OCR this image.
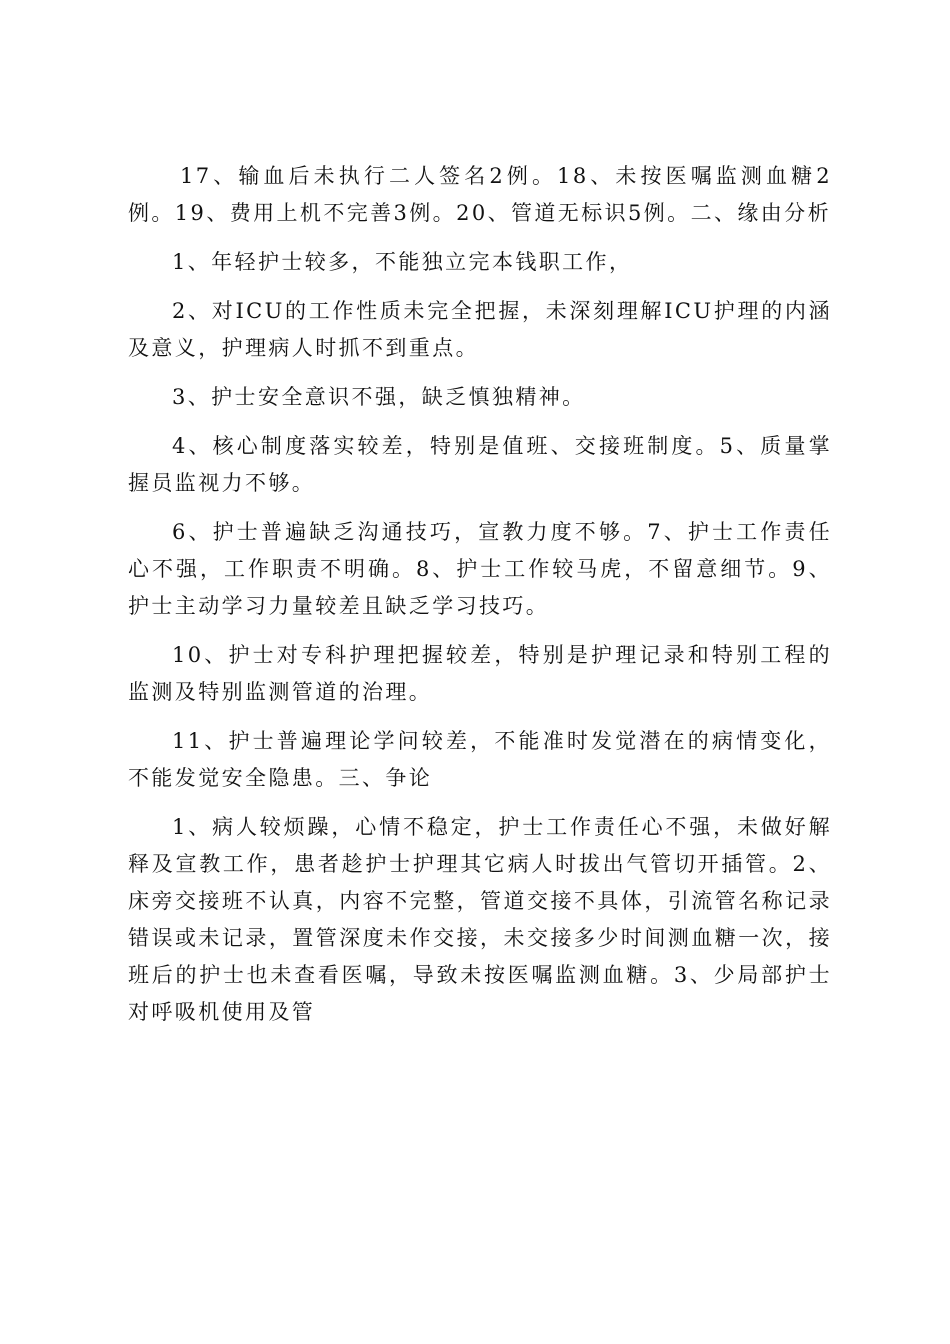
17、输血后未执行二人签名2例。18、未按医嘱监测血糖2例。19、费用上机不完善3例。20、管道无标识5例。二、缘由分析

1、年轻护士较多，不能独立完本钱职工作，

2、对ICU的工作性质未完全把握，未深刻理解ICU护理的内涵及意义，护理病人时抓不到重点。

3、护士安全意识不强，缺乏慎独精神。

4、核心制度落实较差，特别是值班、交接班制度。5、质量掌握员监视力不够。

6、护士普遍缺乏沟通技巧，宣教力度不够。7、护士工作责任心不强，工作职责不明确。8、护士工作较马虎，不留意细节。9、护士主动学习力量较差且缺乏学习技巧。

10、护士对专科护理把握较差，特别是护理记录和特别工程的监测及特别监测管道的治理。

11、护士普遍理论学问较差，不能准时发觉潜在的病情变化，不能发觉安全隐患。三、争论

1、病人较烦躁，心情不稳定，护士工作责任心不强，未做好解释及宣教工作，患者趁护士护理其它病人时拔出气管切开插管。2、床旁交接班不认真，内容不完整，管道交接不具体，引流管名称记录错误或未记录，置管深度未作交接，未交接多少时间测血糖一次，接班后的护士也未查看医嘱，导致未按医嘱监测血糖。3、少局部护士对呼吸机使用及管
